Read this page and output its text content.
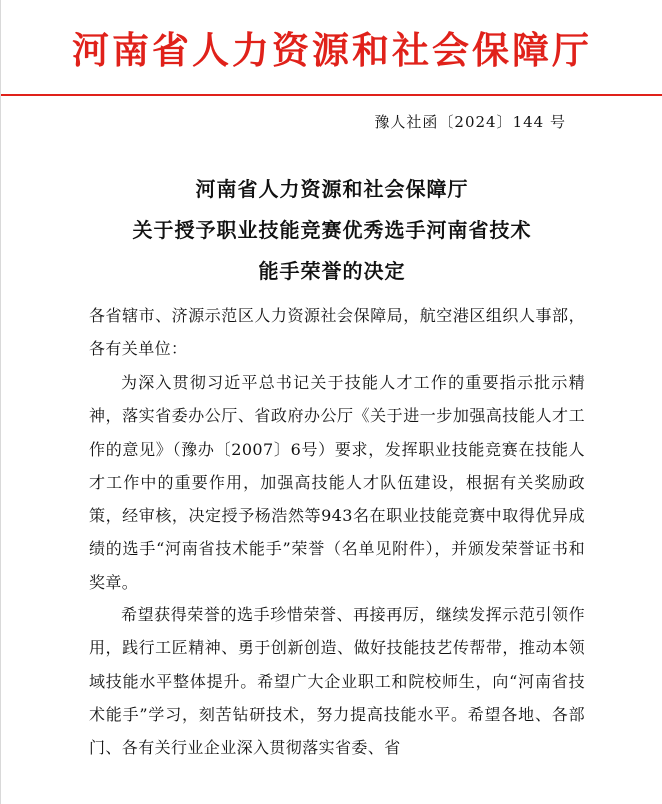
河南省人力资源和社会保障厅
豫人社函〔2024〕144 号
河南省人力资源和社会保障厅
关于授予职业技能竞赛优秀选手河南省技术
能手荣誉的决定
各省辖市、济源示范区人力资源社会保障局，航空港区组织人事部，各有关单位：
为深入贯彻习近平总书记关于技能人才工作的重要指示批示精神，落实省委办公厅、省政府办公厅《关于进一步加强高技能人才工作的意见》（豫办〔2007〕6号）要求，发挥职业技能竞赛在技能人才工作中的重要作用，加强高技能人才队伍建设，根据有关奖励政策，经审核，决定授予杨浩然等943名在职业技能竞赛中取得优异成绩的选手“河南省技术能手”荣誉（名单见附件），并颁发荣誉证书和奖章。
希望获得荣誉的选手珍惜荣誉、再接再厉，继续发挥示范引领作用，践行工匠精神、勇于创新创造、做好技能技艺传帮带，推动本领域技能水平整体提升。希望广大企业职工和院校师生，向“河南省技术能手”学习，刻苦钻研技术，努力提高技能水平。希望各地、各部门、各有关行业企业深入贯彻落实省委、省
